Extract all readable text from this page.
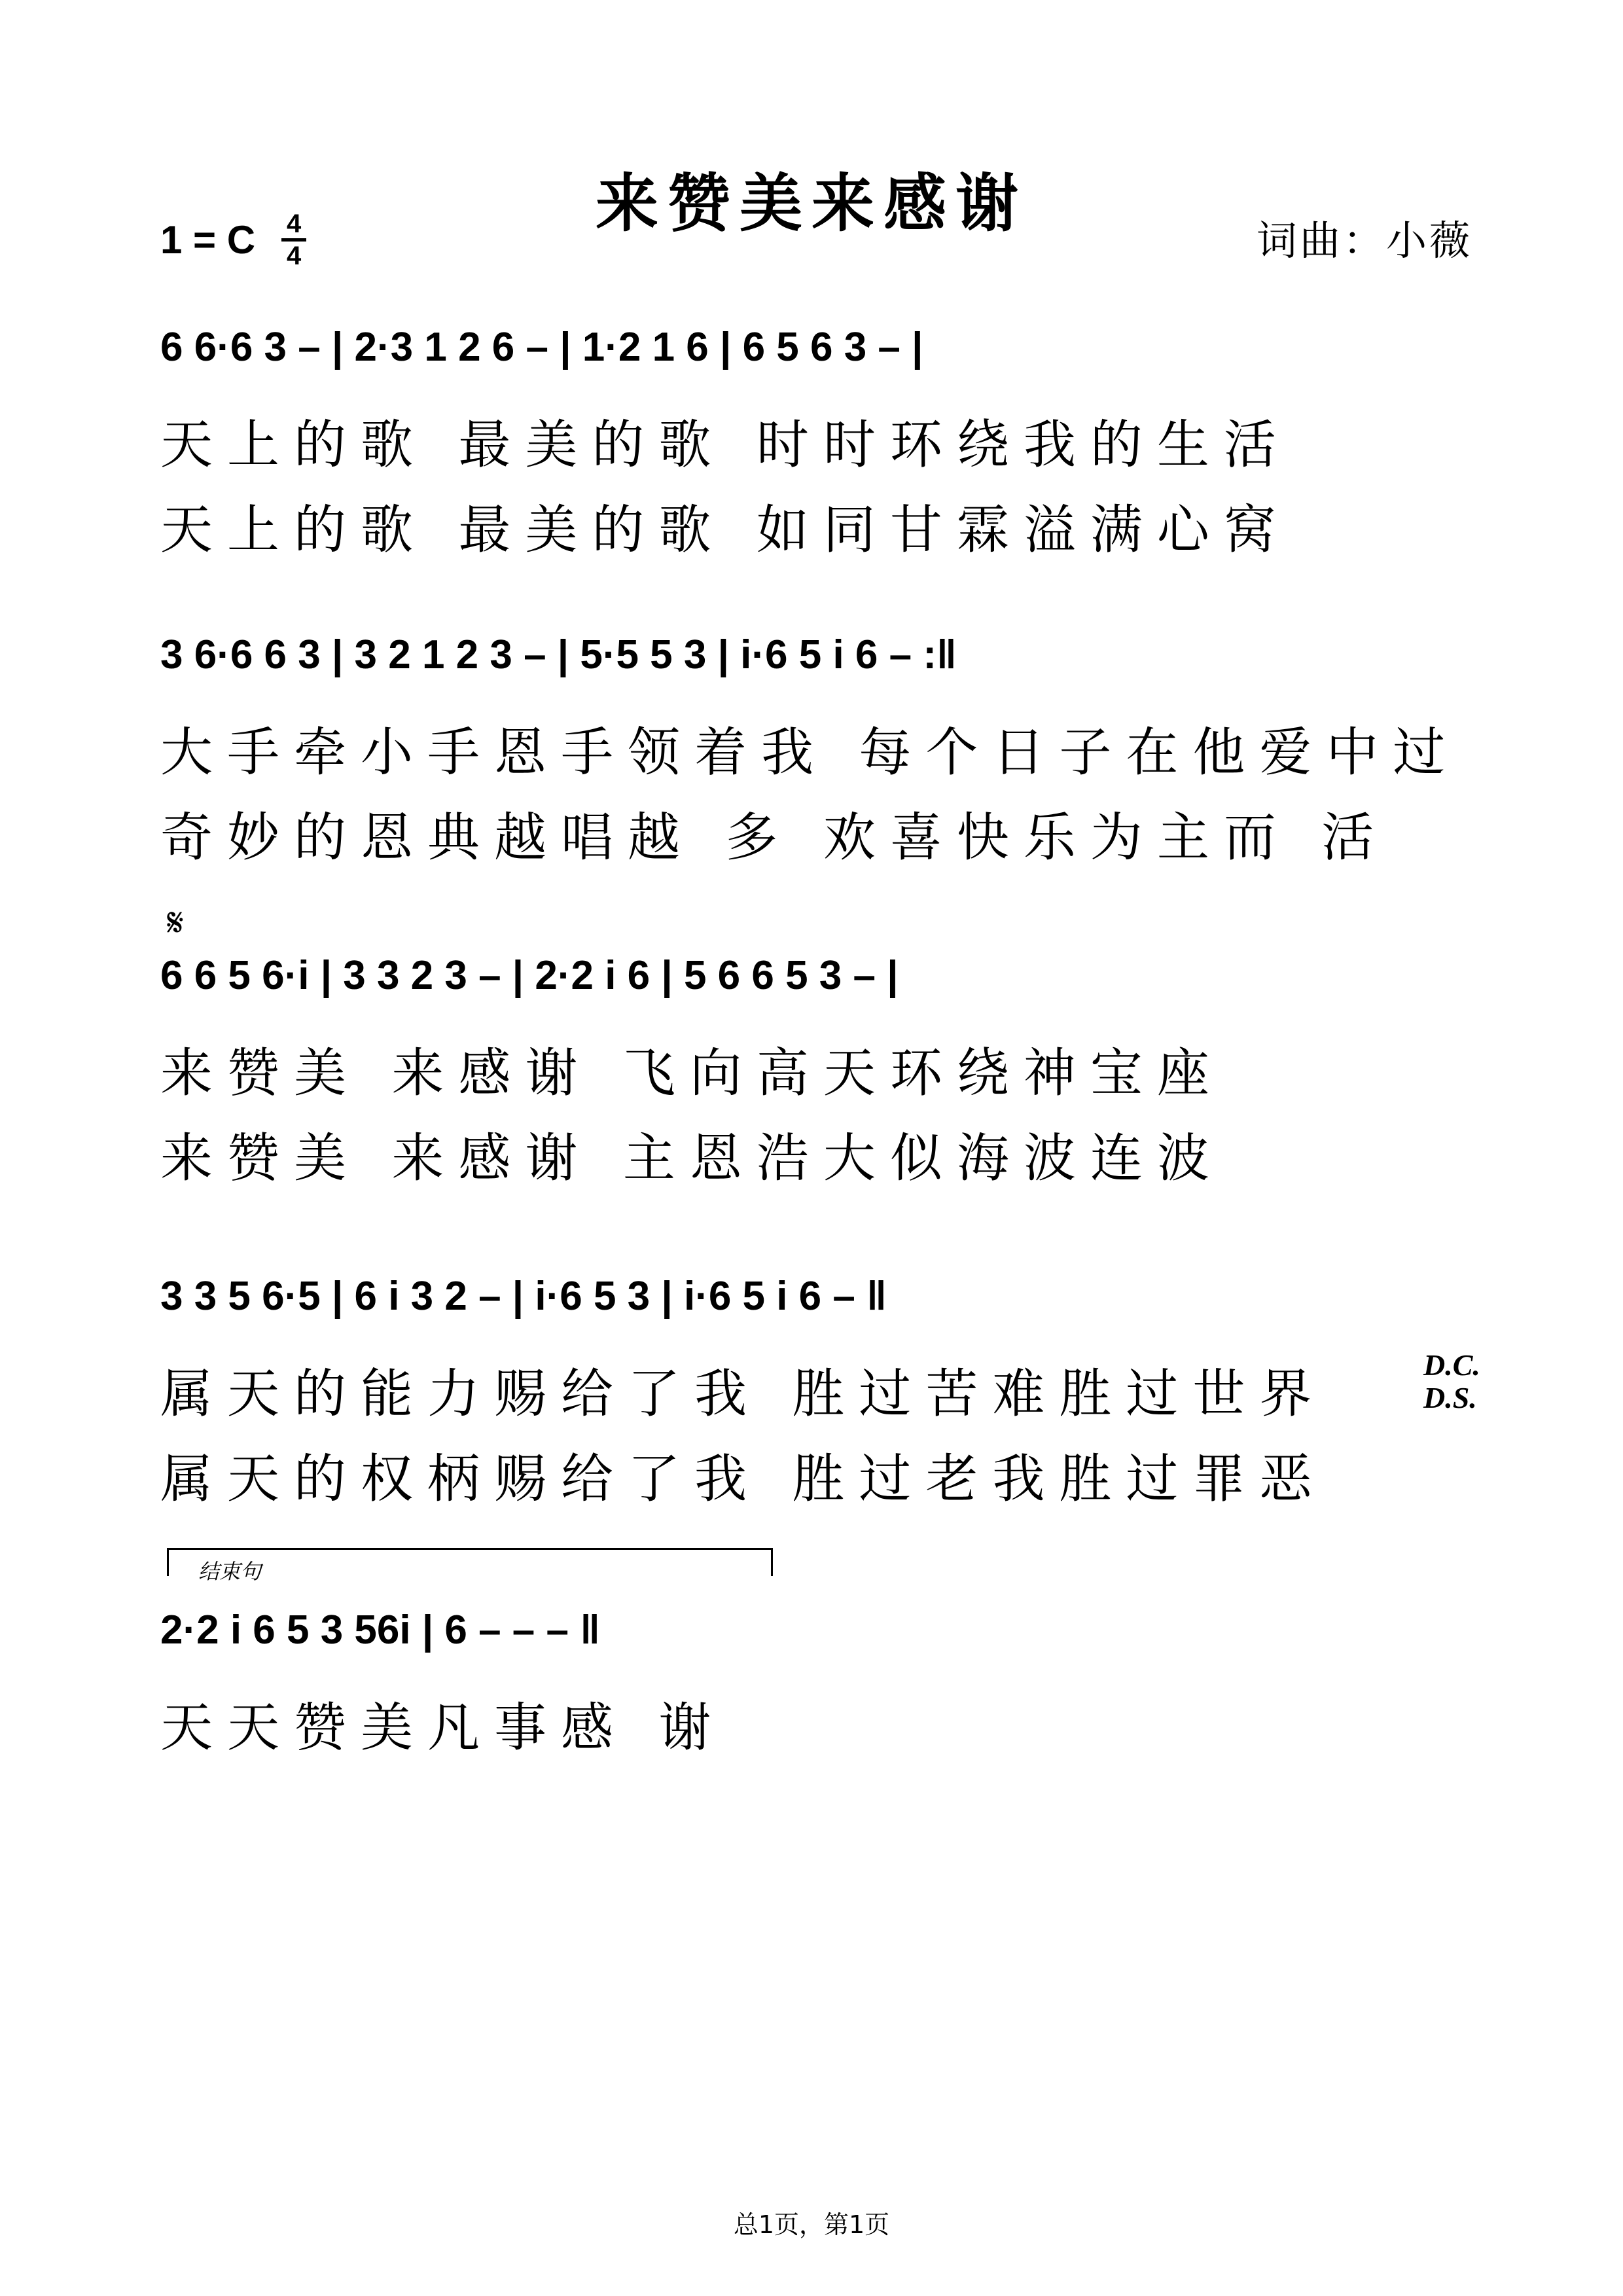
来赞美来感谢
1 = C 4
4	词曲：小薇
6 6·6 3 – | 2·3 1 2 6 – | 1·2 1 6 | 6 5 6 3 – |
天上的歌 最美的歌 时时环绕我的生活
天上的歌 最美的歌 如同甘霖溢满心窝
3 6·6 6 3 | 3 2 1 2 3 – | 5·5 5 3 | i·6 5 i 6 – :‖
大手牵小手恩手领着我 每个日子在他爱中过
奇妙的恩典越唱越 多 欢喜快乐为主而 活
𝄋
6 6 5 6·i | 3 3 2 3 – | 2·2 i 6 | 5 6 6 5 3 – |
来赞美 来感谢 飞向高天环绕神宝座
来赞美 来感谢 主恩浩大似海波连波
3 3 5 6·5 | 6 i 3 2 – | i·6 5 3 | i·6 5 i 6 – ‖
属天的能力赐给了我 胜过苦难胜过世界
属天的权柄赐给了我 胜过老我胜过罪恶
D.C.
D.S.
结束句
2·2 i 6 5 3 56i | 6 – – – ‖
天天赞美凡事感 谢
总1页，第1页
